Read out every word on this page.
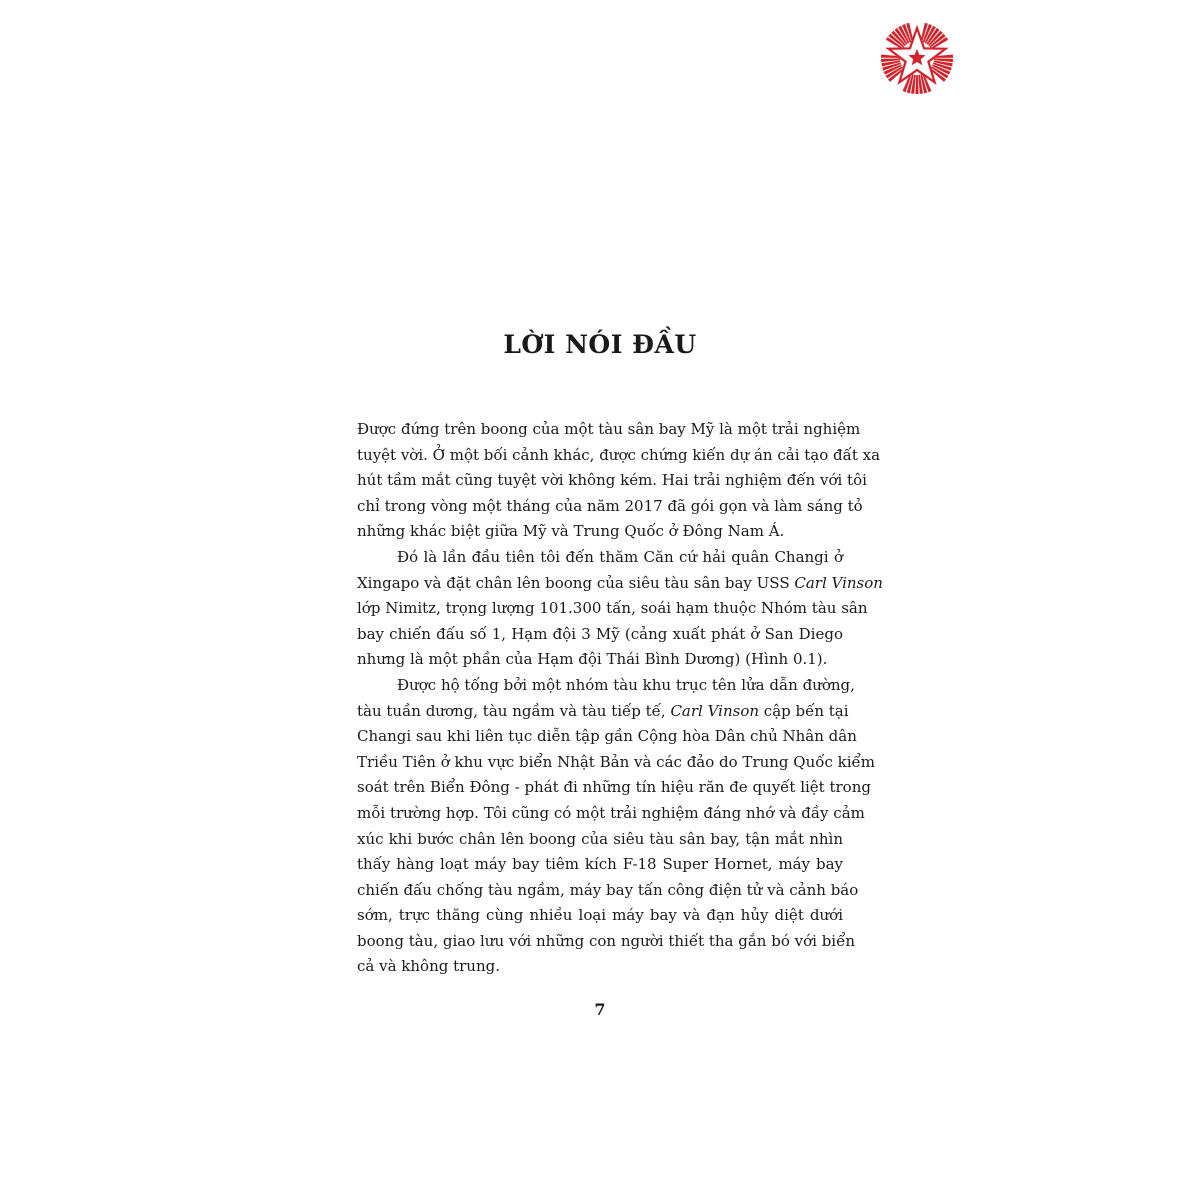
LỜI NÓI ĐẦU
Được đứng trên boong của một tàu sân bay Mỹ là một trải nghiệm
tuyệt vời. Ở một bối cảnh khác, được chứng kiến dự án cải tạo đất xa
hút tầm mắt cũng tuyệt vời không kém. Hai trải nghiệm đến với tôi
chỉ trong vòng một tháng của năm 2017 đã gói gọn và làm sáng tỏ
những khác biệt giữa Mỹ và Trung Quốc ở Đông Nam Á.
Đó là lần đầu tiên tôi đến thăm Căn cứ hải quân Changi ở
Xingapo và đặt chân lên boong của siêu tàu sân bay USS Carl Vinson
lớp Nimitz, trọng lượng 101.300 tấn, soái hạm thuộc Nhóm tàu sân
bay chiến đấu số 1, Hạm đội 3 Mỹ (cảng xuất phát ở San Diego
nhưng là một phần của Hạm đội Thái Bình Dương) (Hình 0.1).
Được hộ tống bởi một nhóm tàu khu trục tên lửa dẫn đường,
tàu tuần dương, tàu ngầm và tàu tiếp tế, Carl Vinson cập bến tại
Changi sau khi liên tục diễn tập gần Cộng hòa Dân chủ Nhân dân
Triều Tiên ở khu vực biển Nhật Bản và các đảo do Trung Quốc kiểm
soát trên Biển Đông - phát đi những tín hiệu răn đe quyết liệt trong
mỗi trường hợp. Tôi cũng có một trải nghiệm đáng nhớ và đầy cảm
xúc khi bước chân lên boong của siêu tàu sân bay, tận mắt nhìn
thấy hàng loạt máy bay tiêm kích F-18 Super Hornet, máy bay
chiến đấu chống tàu ngầm, máy bay tấn công điện tử và cảnh báo
sớm, trực thăng cùng nhiều loại máy bay và đạn hủy diệt dưới
boong tàu, giao lưu với những con người thiết tha gắn bó với biển
cả và không trung.
7
